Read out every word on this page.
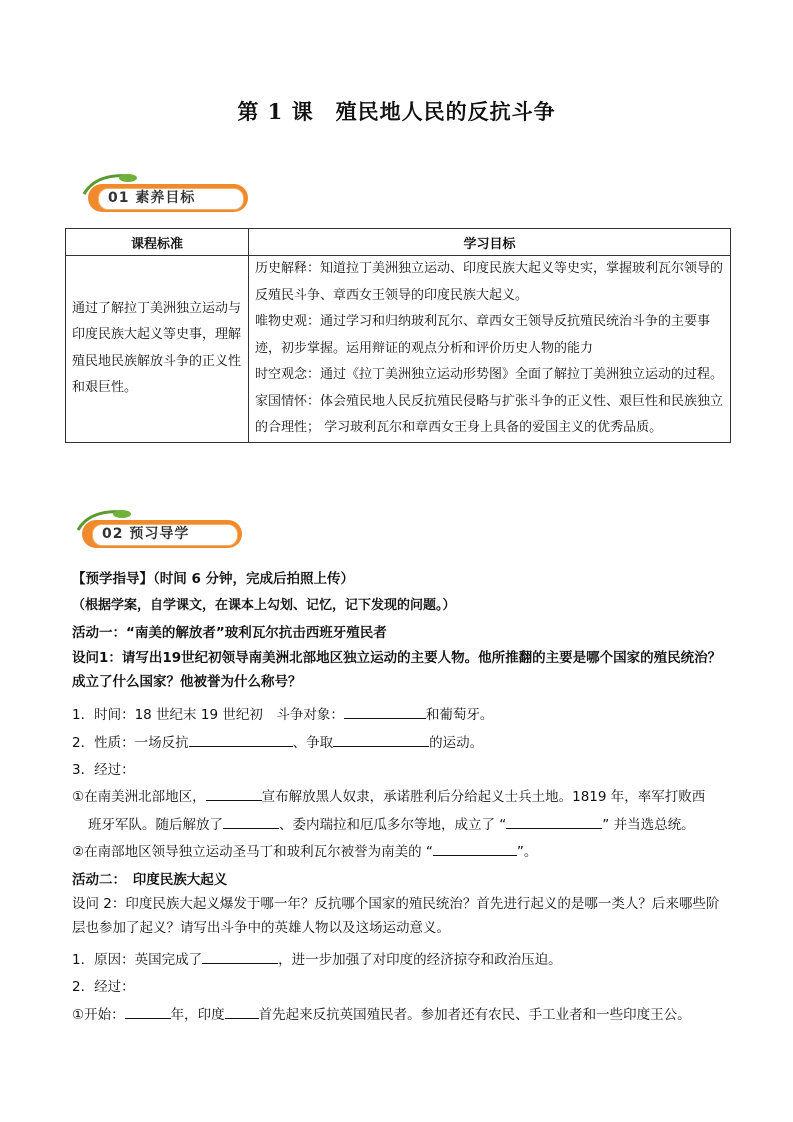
第 1 课 殖民地人民的反抗斗争
01 素养目标
课程标准	学习目标
通过了解拉丁美洲独立运动与印度民族大起义等史事，理解殖民地民族解放斗争的正义性和艰巨性。	历史解释：知道拉丁美洲独立运动、印度民族大起义等史实，掌握玻利瓦尔领导的反殖民斗争、章西女王领导的印度民族大起义。

唯物史观：通过学习和归纳玻利瓦尔、章西女王领导反抗殖民统治斗争的主要事迹，初步掌握。运用辩证的观点分析和评价历史人物的能力

时空观念：通过《拉丁美洲独立运动形势图》全面了解拉丁美洲独立运动的过程。

家国情怀：体会殖民地人民反抗殖民侵略与扩张斗争的正义性、艰巨性和民族独立的合理性； 学习玻利瓦尔和章西女王身上具备的爱国主义的优秀品质。

02 预习导学
【预学指导】（时间 6 分钟，完成后拍照上传）
（根据学案，自学课文，在课本上勾划、记忆，记下发现的问题。）
活动一：“南美的解放者”玻利瓦尔抗击西班牙殖民者
设问1：请写出19世纪初领导南美洲北部地区独立运动的主要人物。他所推翻的主要是哪个国家的殖民统治？成立了什么国家？他被誉为什么称号？
1．时间：18 世纪末 19 世纪初　斗争对象：	和葡萄牙。
2．性质：一场反抗	、争取	的运动。
3．经过：
①在南美洲北部地区，	宣布解放黑人奴隶，承诺胜利后分给起义士兵土地。1819 年，率军打败西
班牙军队。随后解放了	、委内瑞拉和厄瓜多尔等地，成立了 “	” 并当选总统。
②在南部地区领导独立运动圣马丁和玻利瓦尔被誉为南美的 “	”。
活动二：　印度民族大起义
设问 2：印度民族大起义爆发于哪一年？反抗哪个国家的殖民统治？首先进行起义的是哪一类人？后来哪些阶层也参加了起义？请写出斗争中的英雄人物以及这场运动意义。
1．原因：英国完成了	，进一步加强了对印度的经济掠夺和政治压迫。
2．经过：
①开始：	年，印度	首先起来反抗英国殖民者。参加者还有农民、手工业者和一些印度王公。
